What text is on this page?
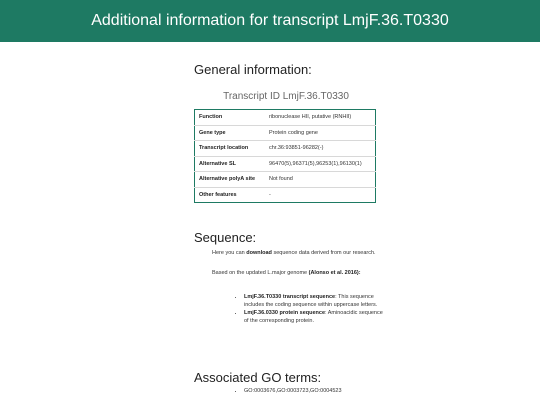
Additional information for transcript LmjF.36.T0330
General information:
Transcript ID LmjF.36.T0330
Function	ribonuclease HII, putative (RNHII)
Gene type	Protein coding gene
Transcript location	chr.36:93851-96282(-)
Alternative SL	96470(5),96371(5),96253(1),96130(1)
Alternative polyA site	Not found
Other features	-
Sequence:

Here you can download sequence data derived from our research.

Based on the updated L.major genome (Alonso et al. 2016):

• LmjF.36.T0330 transcript sequence: This sequence includes the coding sequence within uppercase letters.
• LmjF.36.0330 protein sequence: Aminoacidic sequence of the corresponding protein.
Associated GO terms:
• GO:0003676,GO:0003723,GO:0004523
